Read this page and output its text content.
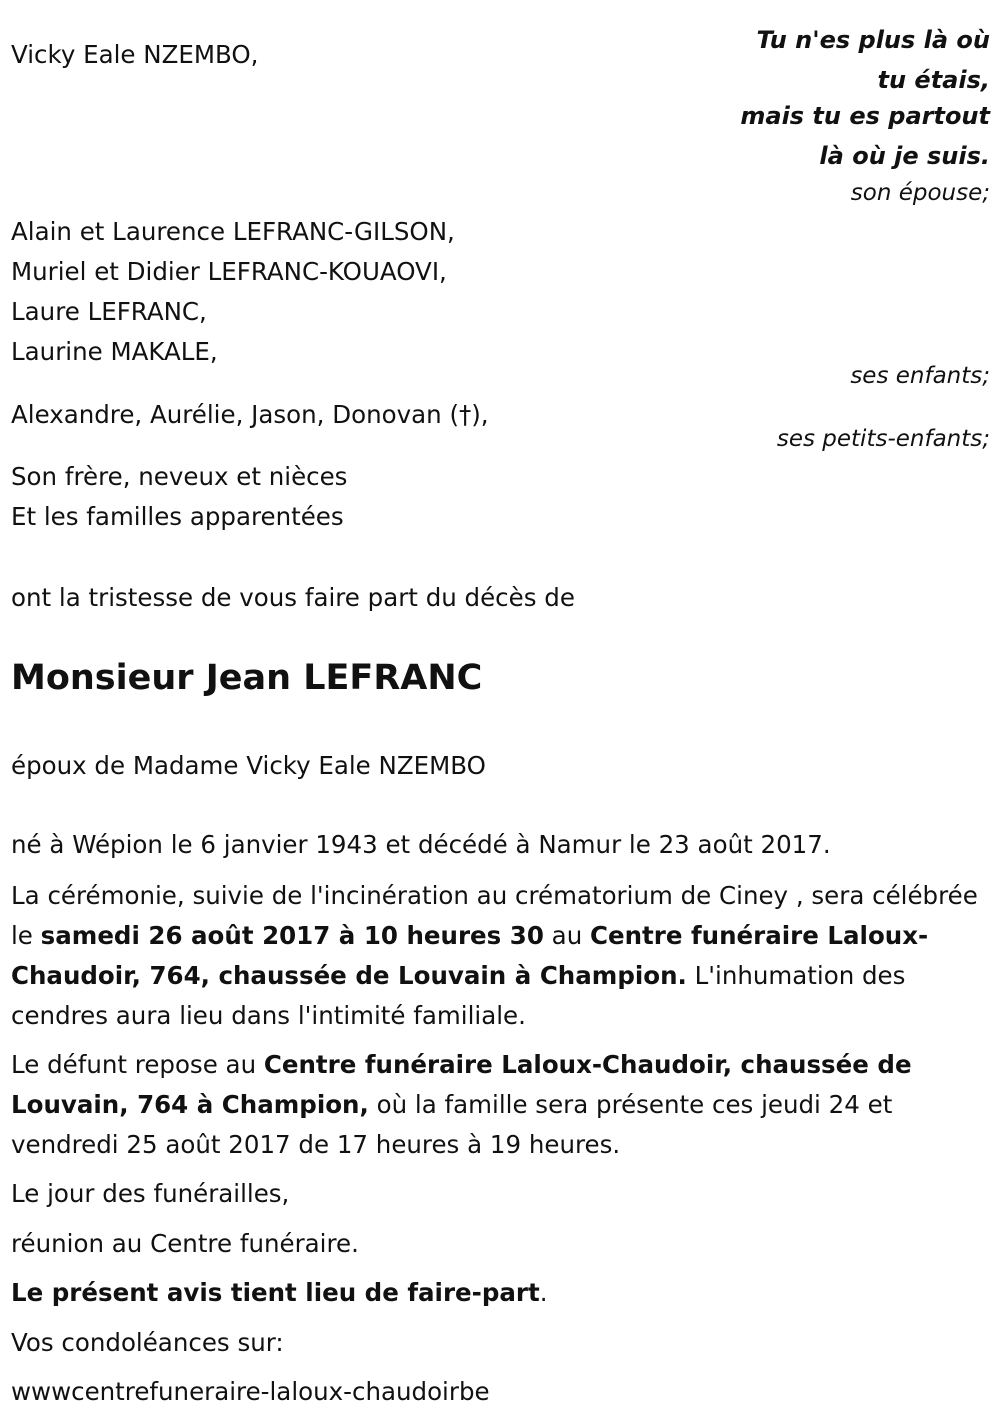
Vicky Eale NZEMBO,	Tu n'es plus là où
tu étais,
mais tu es partout
là où je suis.
son épouse;
Alain et Laurence LEFRANC-GILSON,
Muriel et Didier LEFRANC-KOUAOVI,
Laure LEFRANC,
Laurine MAKALE,
ses enfants;
Alexandre, Aurélie, Jason, Donovan (†),
ses petits-enfants;
Son frère, neveux et nièces
Et les familles apparentées
ont la tristesse de vous faire part du décès de
Monsieur Jean LEFRANC
époux de Madame Vicky Eale NZEMBO
né à Wépion le 6 janvier 1943 et décédé à Namur le 23 août 2017.
La cérémonie, suivie de l'incinération au crématorium de Ciney , sera célébrée le samedi 26 août 2017 à 10 heures 30 au Centre funéraire Laloux-Chaudoir, 764, chaussée de Louvain à Champion. L'inhumation des cendres aura lieu dans l'intimité familiale.
Le défunt repose au Centre funéraire Laloux-Chaudoir, chaussée de Louvain, 764 à Champion, où la famille sera présente ces jeudi 24 et vendredi 25 août 2017 de 17 heures à 19 heures.
Le jour des funérailles,
réunion au Centre funéraire.
Le présent avis tient lieu de faire-part.
Vos condoléances sur:
wwwcentrefuneraire-laloux-chaudoirbe
